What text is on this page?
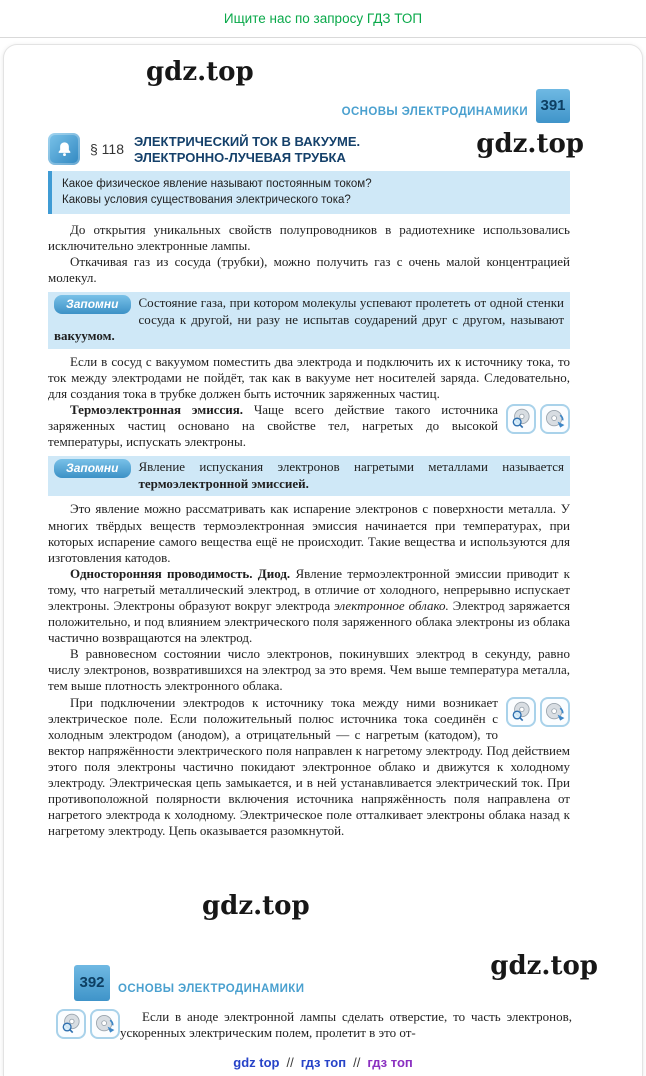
Ищите нас по запросу ГДЗ ТОП
gdz.top
gdz.top
gdz.top
gdz.top
ОСНОВЫ ЭЛЕКТРОДИНАМИКИ 391
§ 118 ЭЛЕКТРИЧЕСКИЙ ТОК В ВАКУУМЕ.
ЭЛЕКТРОННО-ЛУЧЕВАЯ ТРУБКА
Какое физическое явление называют постоянным током?
Каковы условия существования электрического тока?

До открытия уникальных свойств полупроводников в радиотехнике использовались исключительно электронные лампы.

Откачивая газ из сосуда (трубки), можно получить газ с очень малой концентрацией молекул.

Запомни	Состояние газа, при котором молекулы успевают пролететь от одной стенки сосуда к другой, ни разу не испытав соударений друг с другом, называют вакуумом.

Если в сосуд с вакуумом поместить два электрода и подключить их к источнику тока, то ток между электродами не пойдёт, так как в вакууме нет носителей заряда. Следовательно, для создания тока в трубке должен быть источник заряженных частиц.

Термоэлектронная эмиссия. Чаще всего действие такого источника заряженных частиц основано на свойстве тел, нагретых до высокой температуры, испускать электроны.

Запомни	Явление испускания электронов нагретыми металлами называется термоэлектронной эмиссией.

Это явление можно рассматривать как испарение электронов с поверхности металла. У многих твёрдых веществ термоэлектронная эмиссия начинается при температурах, при которых испарение самого вещества ещё не происходит. Такие вещества и используются для изготовления катодов.

Односторонняя проводимость. Диод. Явление термоэлектронной эмиссии приводит к тому, что нагретый металлический электрод, в отличие от холодного, непрерывно испускает электроны. Электроны образуют вокруг электрода электронное облако. Электрод заряжается положительно, и под влиянием электрического поля заряженного облака электроны из облака частично возвращаются на электрод.

В равновесном состоянии число электронов, покинувших электрод в секунду, равно числу электронов, возвратившихся на электрод за это время. Чем выше температура металла, тем выше плотность электронного облака.

При подключении электродов к источнику тока между ними возникает электрическое поле. Если положительный полюс источника тока соединён с холодным электродом (анодом), а отрицательный — с нагретым (катодом), то вектор напряжённости электрического поля направлен к нагретому электроду. Под действием этого поля электроны частично покидают электронное облако и движутся к холодному электроду. Электрическая цепь замыкается, и в ней устанавливается электрический ток. При противоположной полярности включения источника напряжённость поля направлена от нагретого электрода к холодному. Электрическое поле отталкивает электроны облака назад к нагретому электроду. Цепь оказывается разомкнутой.

392	ОСНОВЫ ЭЛЕКТРОДИНАМИКИ

Если в аноде электронной лампы сделать отверстие, то часть электронов, ускоренных электрическим полем, пролетит в это от-

gdz top // гдз топ // гдз топ
